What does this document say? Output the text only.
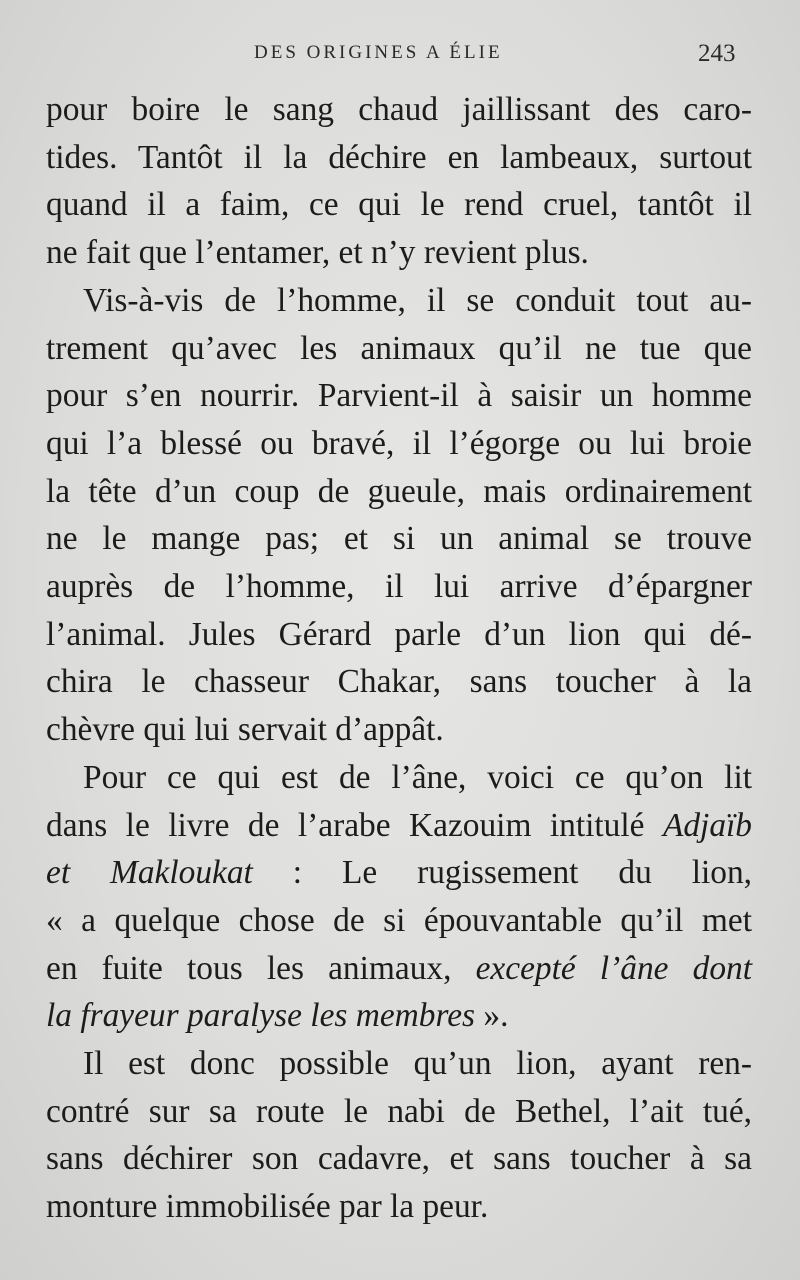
DES ORIGINES A ÉLIE	243

pour boire le sang chaud jaillissant des caro-
tides. Tantôt il la déchire en lambeaux, surtout
quand il a faim, ce qui le rend cruel, tantôt il
ne fait que l’entamer, et n’y revient plus.

Vis-à-vis de l’homme, il se conduit tout au-
trement qu’avec les animaux qu’il ne tue que
pour s’en nourrir. Parvient-il à saisir un homme
qui l’a blessé ou bravé, il l’égorge ou lui broie
la tête d’un coup de gueule, mais ordinairement
ne le mange pas; et si un animal se trouve
auprès de l’homme, il lui arrive d’épargner
l’animal. Jules Gérard parle d’un lion qui dé-
chira le chasseur Chakar, sans toucher à la
chèvre qui lui servait d’appât.

Pour ce qui est de l’âne, voici ce qu’on lit
dans le livre de l’arabe Kazouim intitulé Adjaïb
et Makloukat : Le rugissement du lion,
« a quelque chose de si épouvantable qu’il met
en fuite tous les animaux, excepté l’âne dont
la frayeur paralyse les membres ».

Il est donc possible qu’un lion, ayant ren-
contré sur sa route le nabi de Bethel, l’ait tué,
sans déchirer son cadavre, et sans toucher à sa
monture immobilisée par la peur.
